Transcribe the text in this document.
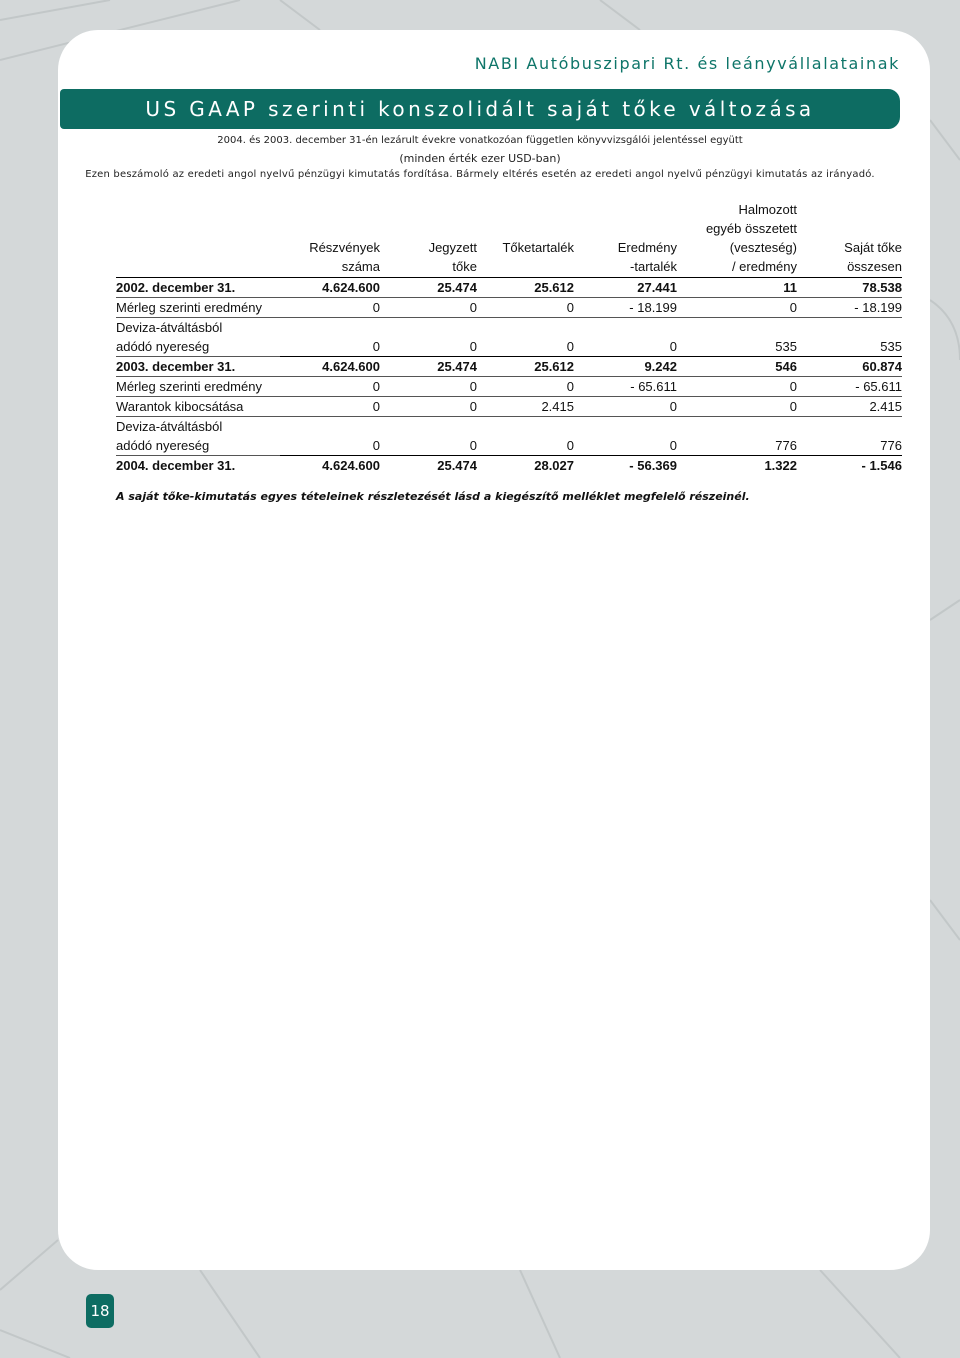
NABI Autóbuszipari Rt. és leányvállalatainak
US GAAP szerinti konszolidált saját tőke változása
2004. és 2003. december 31-én lezárult évekre vonatkozóan független könyvvizsgálói jelentéssel együtt
(minden érték ezer USD-ban)
Ezen beszámoló az eredeti angol nyelvű pénzügyi kimutatás fordítása. Bármely eltérés esetén az eredeti angol nyelvű pénzügyi kimutatás az irányadó.
					Halmozott	
					egyéb összetett	
	Részvények	Jegyzett	Tőketartalék	Eredmény	(veszteség)	Saját tőke
	száma	tőke		-tartalék	/ eredmény	összesen
2002. december 31.	4.624.600	25.474	25.612	27.441	11	78.538
Mérleg szerinti eredmény	0	0	0	- 18.199	0	- 18.199
Deviza-átváltásból						
adódó nyereség	0	0	0	0	535	535
2003. december 31.	4.624.600	25.474	25.612	9.242	546	60.874
Mérleg szerinti eredmény	0	0	0	- 65.611	0	- 65.611
Warantok kibocsátása	0	0	2.415	0	0	2.415
Deviza-átváltásból						
adódó nyereség	0	0	0	0	776	776
2004. december 31.	4.624.600	25.474	28.027	- 56.369	1.322	- 1.546
A saját tőke-kimutatás egyes tételeinek részletezését lásd a kiegészítő melléklet megfelelő részeinél.
18
